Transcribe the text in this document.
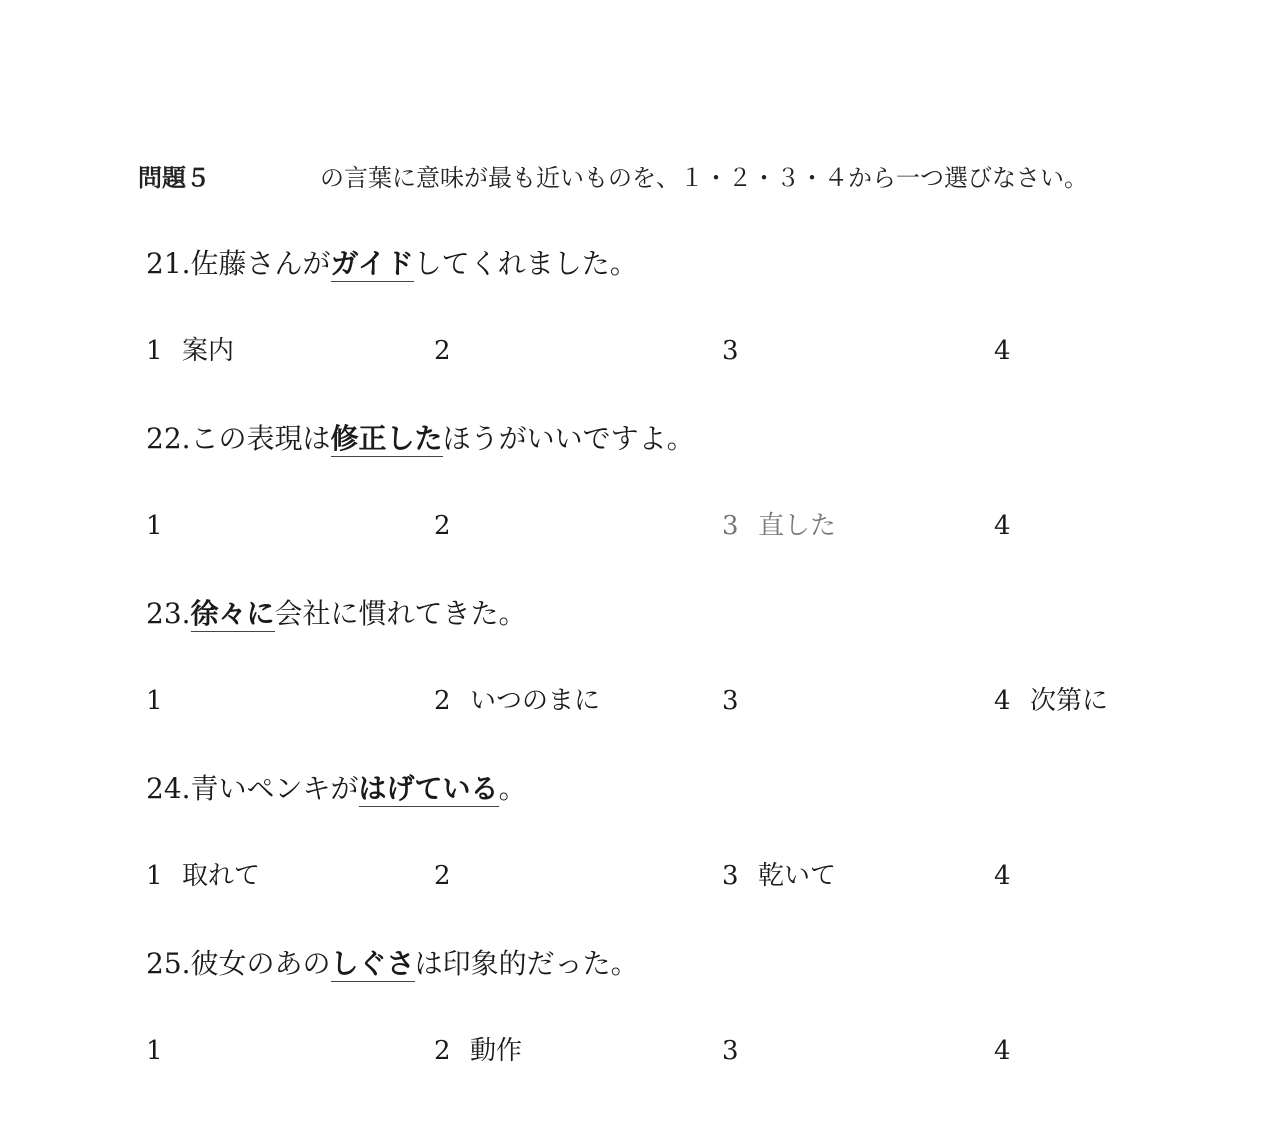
問題５	の言葉に意味が最も近いものを、１・２・３・４から一つ選びなさい。
21.佐藤さんがガイドしてくれました。
1 案内	2	3	4
22.この表現は修正したほうがいいですよ。
1	2	3 直した	4
23.徐々に会社に慣れてきた。
1	2 いつのまに	3	4 次第に
24.青いペンキがはげている。
1 取れて	2	3 乾いて	4
25.彼女のあのしぐさは印象的だった。
1	2 動作	3	4
